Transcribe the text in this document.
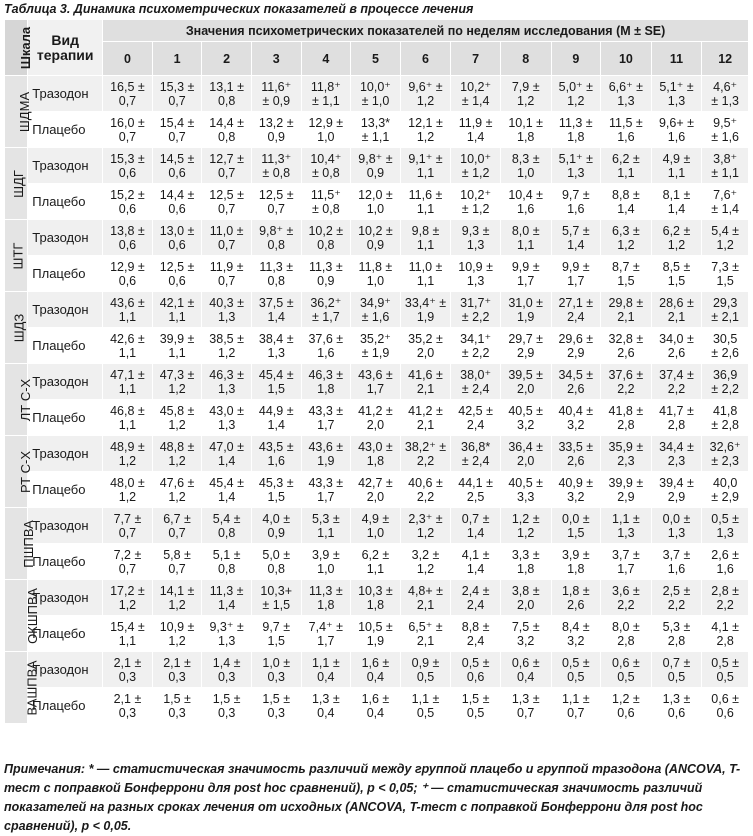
Таблица 3. Динамика психометрических показателей в процессе лечения
Шкала	Вид терапии	Значения психометрических показателей по неделям исследования (M ± SE)												
		0	1	2	3	4	5	6	7	8	9	10	11	12
ШДМА	Тразодон	16,5 ±
0,7	15,3 ±
0,7	13,1 ±
0,8	11,6⁺
± 0,9	11,8⁺
± 1,1	10,0⁺
± 1,0	9,6⁺ ±
1,2	10,2⁺
± 1,4	7,9 ±
1,2	5,0⁺ ±
1,2	6,6⁺ ±
1,3	5,1⁺ ±
1,3	4,6⁺
± 1,3

	Плацебо	16,0 ±
0,7	15,4 ±
0,7	14,4 ±
0,8	13,2 ±
0,9	12,9 ±
1,0	13,3*
± 1,1	12,1 ±
1,2	11,9 ±
1,4	10,1 ±
1,8	11,3 ±
1,8	11,5 ±
1,6	9,6+ ±
1,6	9,5⁺
± 1,6

ШДГ	Тразодон	15,3 ±
0,6	14,5 ±
0,6	12,7 ±
0,7	11,3⁺
± 0,8	10,4⁺
± 0,8	9,8⁺ ±
0,9	9,1⁺ ±
1,1	10,0⁺
± 1,2	8,3 ±
1,0	5,1⁺ ±
1,3	6,2 ±
1,1	4,9 ±
1,1	3,8⁺
± 1,1

	Плацебо	15,2 ±
0,6	14,4 ±
0,6	12,5 ±
0,7	12,5 ±
0,7	11,5⁺
± 0,8	12,0 ±
1,0	11,6 ±
1,1	10,2⁺
± 1,2	10,4 ±
1,6	9,7 ±
1,6	8,8 ±
1,4	8,1 ±
1,4	7,6⁺
± 1,4

ШТГ	Тразодон	13,8 ±
0,6	13,0 ±
0,6	11,0 ±
0,7	9,8⁺ ±
0,8	10,2 ±
0,8	10,2 ±
0,9	9,8 ±
1,1	9,3 ±
1,3	8,0 ±
1,1	5,7 ±
1,4	6,3 ±
1,2	6,2 ±
1,2	5,4 ±
1,2

	Плацебо	12,9 ±
0,6	12,5 ±
0,6	11,9 ±
0,7	11,3 ±
0,8	11,3 ±
0,9	11,8 ±
1,0	11,0 ±
1,1	10,9 ±
1,3	9,9 ±
1,7	9,9 ±
1,7	8,7 ±
1,5	8,5 ±
1,5	7,3 ±
1,5

ШДЗ	Тразодон	43,6 ±
1,1	42,1 ±
1,1	40,3 ±
1,3	37,5 ±
1,4	36,2⁺
± 1,7	34,9⁺
± 1,6	33,4⁺ ±
1,9	31,7⁺
± 2,2	31,0 ±
1,9	27,1 ±
2,4	29,8 ±
2,1	28,6 ±
2,1	29,3
± 2,1

	Плацебо	42,6 ±
1,1	39,9 ±
1,1	38,5 ±
1,2	38,4 ±
1,3	37,6 ±
1,6	35,2⁺
± 1,9	35,2 ±
2,0	34,1⁺
± 2,2	29,7 ±
2,9	29,6 ±
2,9	32,8 ±
2,6	34,0 ±
2,6	30,5
± 2,6

ЛТ С-Х	Тразодон	47,1 ±
1,1	47,3 ±
1,2	46,3 ±
1,3	45,4 ±
1,5	46,3 ±
1,8	43,6 ±
1,7	41,6 ±
2,1	38,0⁺
± 2,4	39,5 ±
2,0	34,5 ±
2,6	37,6 ±
2,2	37,4 ±
2,2	36,9
± 2,2

	Плацебо	46,8 ±
1,1	45,8 ±
1,2	43,0 ±
1,3	44,9 ±
1,4	43,3 ±
1,7	41,2 ±
2,0	41,2 ±
2,1	42,5 ±
2,4	40,5 ±
3,2	40,4 ±
3,2	41,8 ±
2,8	41,7 ±
2,8	41,8
± 2,8

РТ С-Х	Тразодон	48,9 ±
1,2	48,8 ±
1,2	47,0 ±
1,4	43,5 ±
1,6	43,6 ±
1,9	43,0 ±
1,8	38,2⁺ ±
2,2	36,8*
± 2,4	36,4 ±
2,0	33,5 ±
2,6	35,9 ±
2,3	34,4 ±
2,3	32,6⁺
± 2,3

	Плацебо	48,0 ±
1,2	47,6 ±
1,2	45,4 ±
1,4	45,3 ±
1,5	43,3 ±
1,7	42,7 ±
2,0	40,6 ±
2,2	44,1 ±
2,5	40,5 ±
3,3	40,9 ±
3,2	39,9 ±
2,9	39,4 ±
2,9	40,0
± 2,9

ПШПВА	Тразодон	7,7 ±
0,7	6,7 ±
0,7	5,4 ±
0,8	4,0 ±
0,9	5,3 ±
1,1	4,9 ±
1,0	2,3⁺ ±
1,2	0,7 ±
1,4	1,2 ±
1,2	0,0 ±
1,5	1,1 ±
1,3	0,0 ±
1,3	0,5 ±
1,3

	Плацебо	7,2 ±
0,7	5,8 ±
0,7	5,1 ±
0,8	5,0 ±
0,8	3,9 ±
1,0	6,2 ±
1,1	3,2 ±
1,2	4,1 ±
1,4	3,3 ±
1,8	3,9 ±
1,8	3,7 ±
1,7	3,7 ±
1,6	2,6 ±
1,6

ОКШПВА	Тразодон	17,2 ±
1,2	14,1 ±
1,2	11,3 ±
1,4	10,3+
± 1,5	11,3 ±
1,8	10,3 ±
1,8	4,8+ ±
2,1	2,4 ±
2,4	3,8 ±
2,0	1,8 ±
2,6	3,6 ±
2,2	2,5 ±
2,2	2,8 ±
2,2

	Плацебо	15,4 ±
1,1	10,9 ±
1,2	9,3⁺ ±
1,3	9,7 ±
1,5	7,4⁺ ±
1,7	10,5 ±
1,9	6,5⁺ ±
2,1	8,8 ±
2,4	7,5 ±
3,2	8,4 ±
3,2	8,0 ±
2,8	5,3 ±
2,8	4,1 ±
2,8

ВАШПВА	Тразодон	2,1 ±
0,3	2,1 ±
0,3	1,4 ±
0,3	1,0 ±
0,3	1,1 ±
0,4	1,6 ±
0,4	0,9 ±
0,5	0,5 ±
0,6	0,6 ±
0,4	0,5 ±
0,5	0,6 ±
0,5	0,7 ±
0,5	0,5 ±
0,5

	Плацебо	2,1 ±
0,3	1,5 ±
0,3	1,5 ±
0,3	1,5 ±
0,3	1,3 ±
0,4	1,6 ±
0,4	1,1 ±
0,5	1,5 ±
0,5	1,3 ±
0,7	1,1 ±
0,7	1,2 ±
0,6	1,3 ±
0,6	0,6 ±
0,6
Примечания: * — статистическая значимость различий между группой плацебо и группой тразодона (ANCOVA, T-тест с поправкой Бонферрони для post hoc сравнений), p < 0,05; ⁺ — статистическая значимость различий показателей на разных сроках лечения от исходных (ANCOVA, T-тест с поправкой Бонферрони для post hoc сравнений), p < 0,05.
